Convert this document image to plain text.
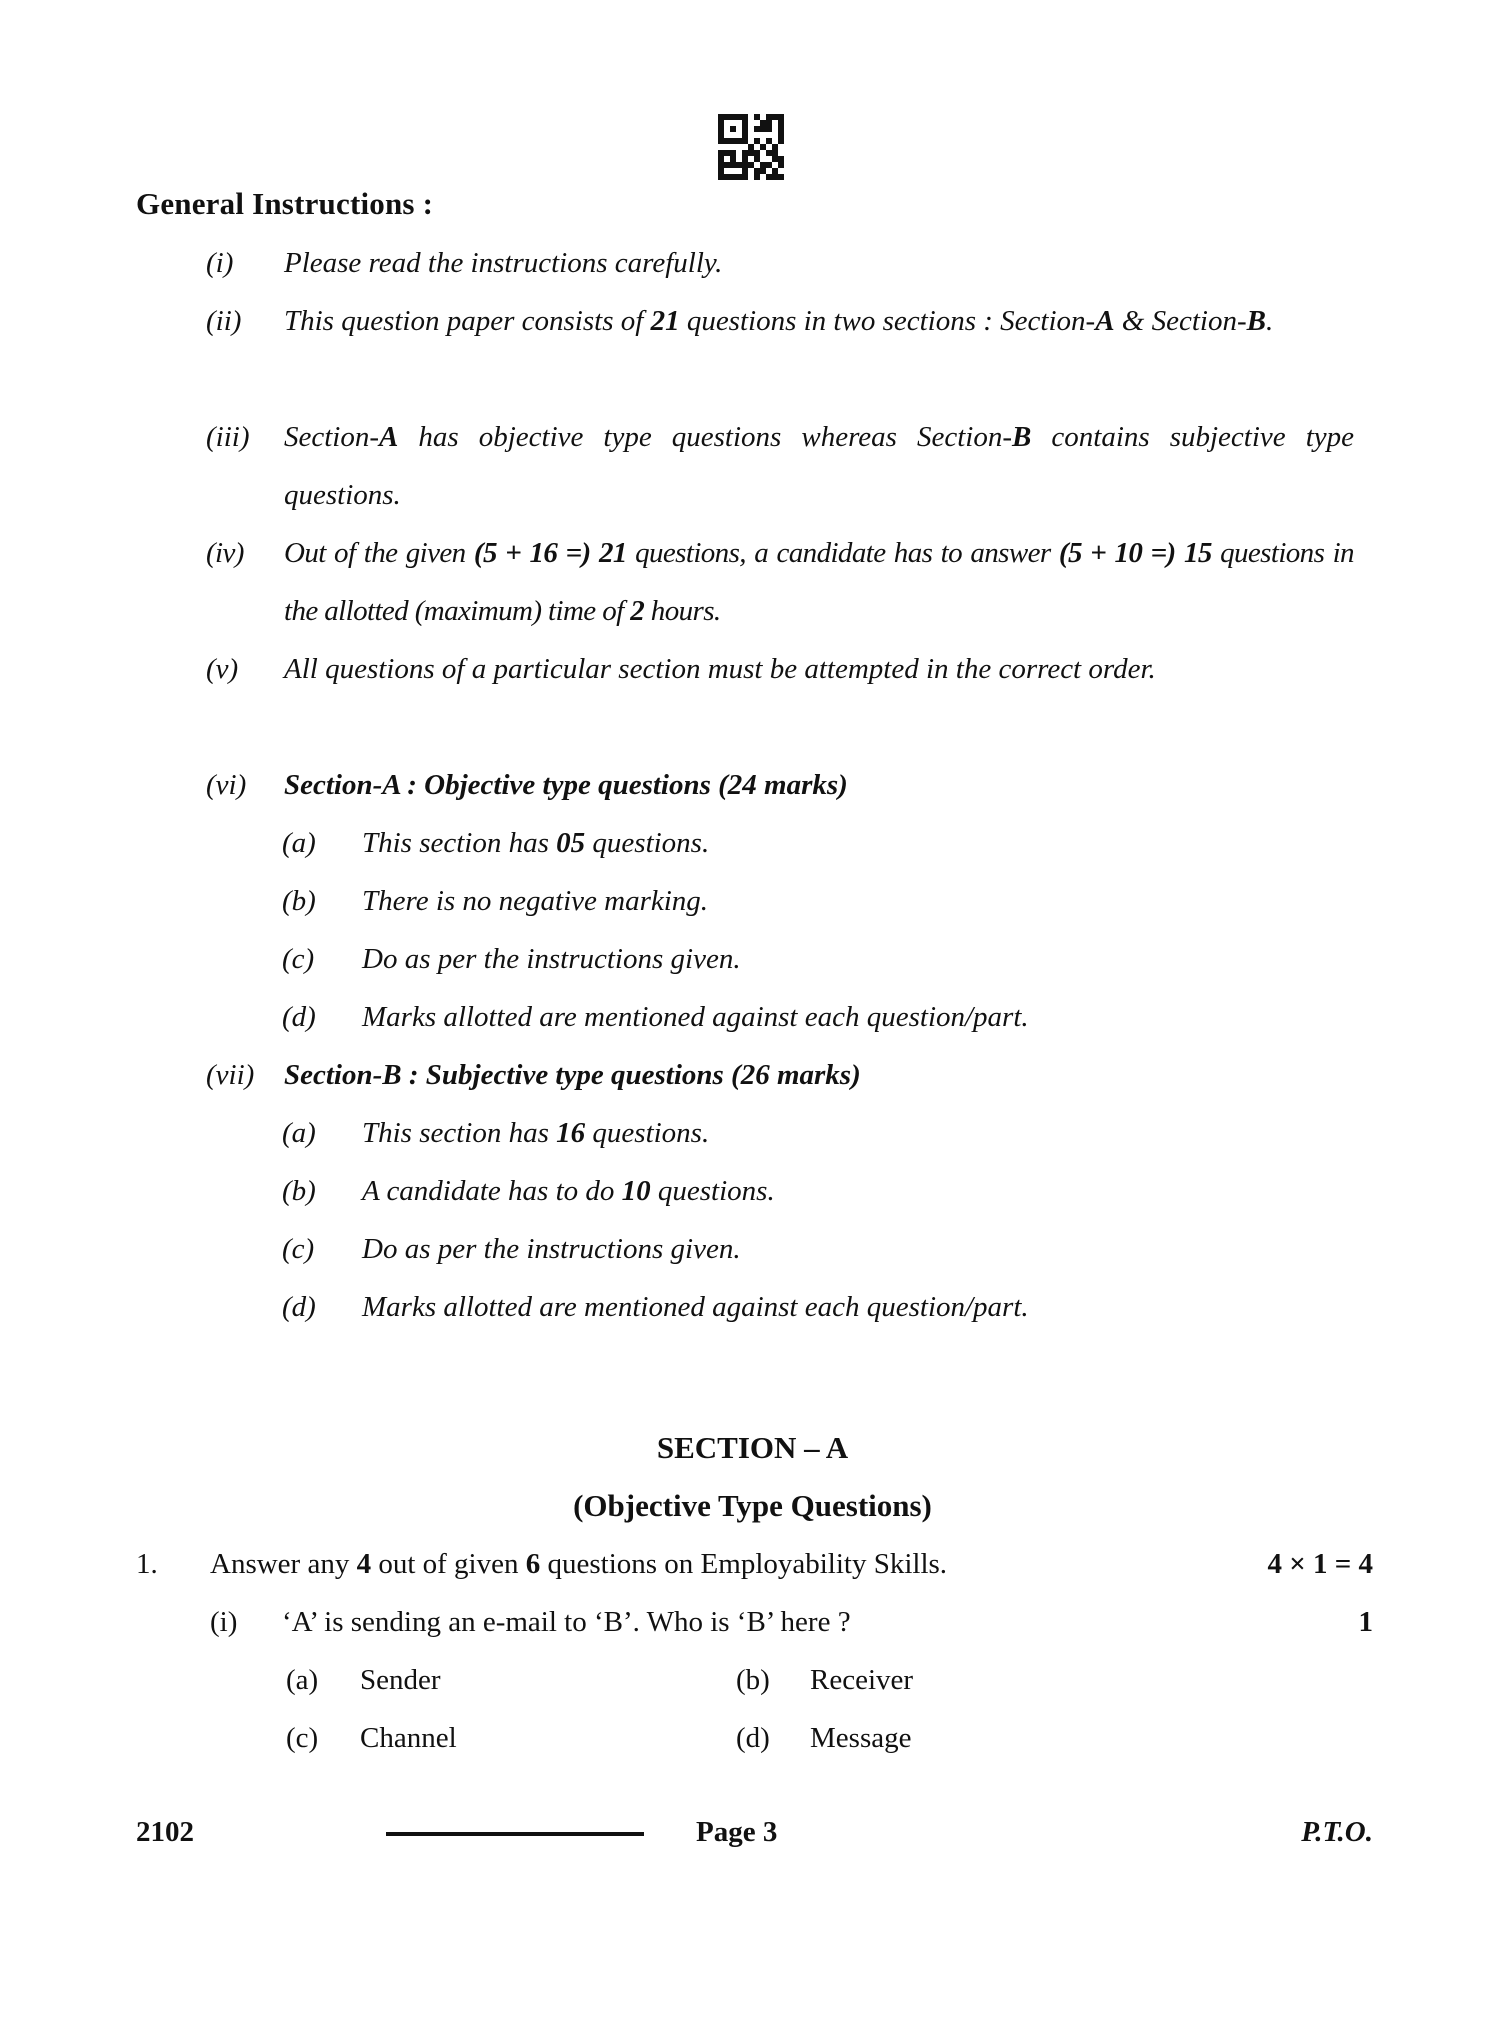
General Instructions :
(i)	Please read the instructions carefully.
(ii)	This question paper consists of 21 questions in two sections : Section-A & Section-B.
(iii)	Section-A has objective type questions whereas Section-B contains subjective type questions.
(iv)	Out of the given (5 + 16 =) 21 questions, a candidate has to answer (5 + 10 =) 15 questions in the allotted (maximum) time of 2 hours.
(v)	All questions of a particular section must be attempted in the correct order.
(vi)	Section-A : Objective type questions (24 marks)
(a)	This section has 05 questions.
(b)	There is no negative marking.
(c)	Do as per the instructions given.
(d)	Marks allotted are mentioned against each question/part.
(vii)	Section-B : Subjective type questions (26 marks)
(a)	This section has 16 questions.
(b)	A candidate has to do 10 questions.
(c)	Do as per the instructions given.
(d)	Marks allotted are mentioned against each question/part.
SECTION – A
(Objective Type Questions)
1. Answer any 4 out of given 6 questions on Employability Skills.	4 × 1 = 4
(i) ‘A’ is sending an e-mail to ‘B’. Who is ‘B’ here ?	1
(a) Sender	(b) Receiver
(c) Channel	(d) Message
2102	Page 3	P.T.O.
